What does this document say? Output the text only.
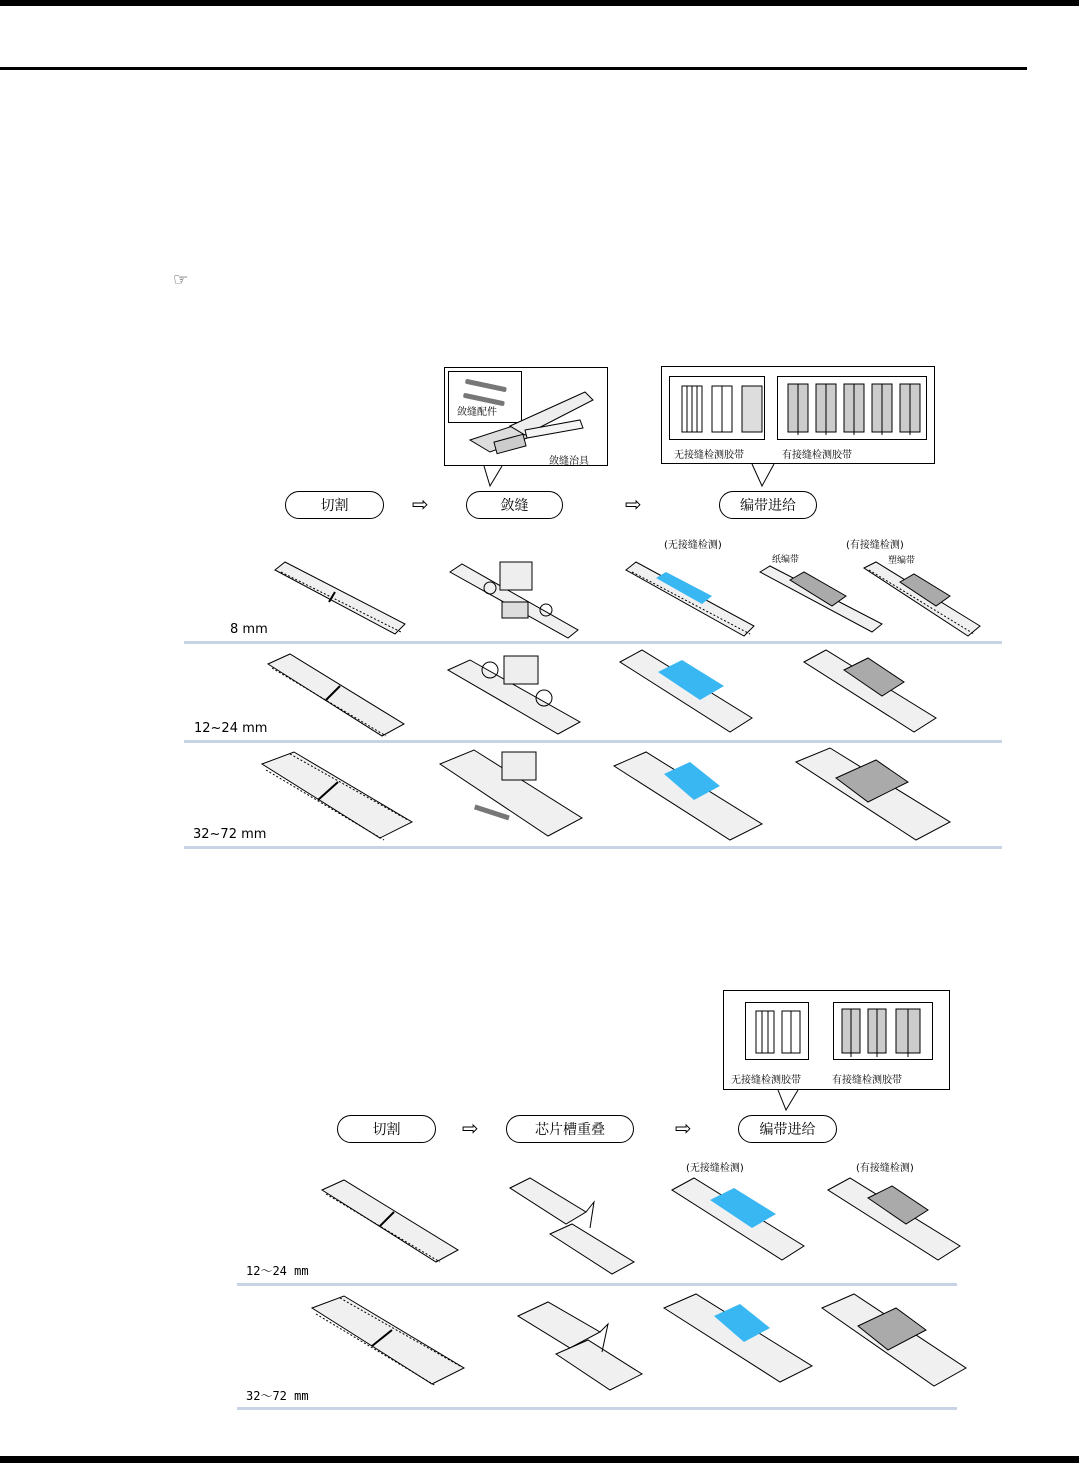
☞
敛缝配件
敛缝治具
无接缝检测胶带	有接缝检测胶带
切割	⇨	敛缝	⇨	编带进给
(无接缝检测)	(有接缝检测)
纸编带	塑编带
8 mm
12~24 mm
32~72 mm
无接缝检测胶带	有接缝检测胶带
切割	⇨	芯片槽重叠	⇨	编带进给
(无接缝检测)	(有接缝检测)
12～24 mm
32～72 mm
